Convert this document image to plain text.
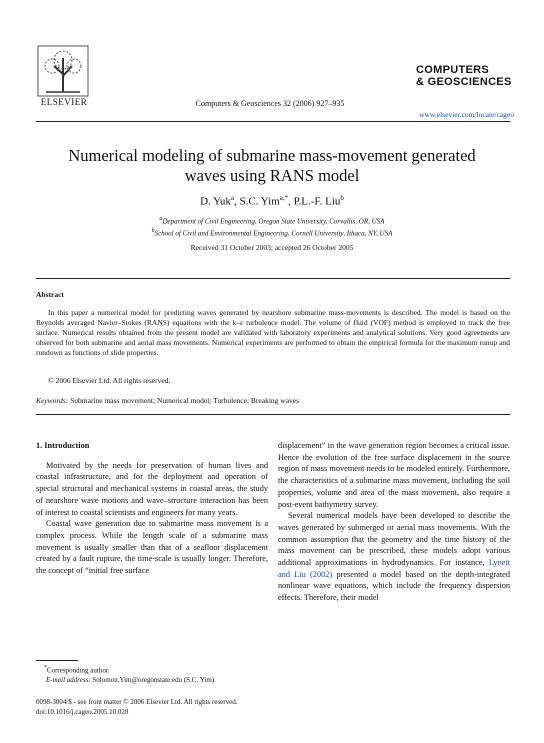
ELSEVIER	Computers & Geosciences 32 (2006) 927–935
COMPUTERS
& GEOSCIENCES
www.elsevier.com/locate/cageo
Numerical modeling of submarine mass-movement generated waves using RANS model
D. Yuk$^a$, S.C. Yim$^{a,*}$, P.L.-F. Liu$^b$
$^a$Department of Civil Engineering, Oregon State University, Corvallis, OR, USA
$^b$School of Civil and Environmental Engineering, Cornell University, Ithaca, NY, USA
Received 31 October 2003; accepted 26 October 2005
Abstract
In this paper a numerical model for predicting waves generated by nearshore submarine mass-movements is described. The model is based on the Reynolds averaged Navier–Stokes (RANS) equations with the k–ε turbulence model. The volume of fluid (VOF) method is employed to track the free surface. Numerical results obtained from the present model are validated with laboratory experiments and analytical solutions. Very good agreements are observed for both submarine and aerial mass movements. Numerical experiments are performed to obtain the empirical formula for the maximum runup and rundown as functions of slide properties.
© 2006 Elsevier Ltd. All rights reserved.
Keywords: Submarine mass movement; Numerical model; Turbulence; Breaking waves
1. Introduction

Motivated by the needs for preservation of human lives and coastal infrastructure, and for the deployment and operation of special structural and mechanical systems in coastal areas, the study of nearshore wave motions and wave–structure interaction has been of interest to coastal scientists and engineers for many years.

Coastal wave generation due to submarine mass movement is a complex process. While the length scale of a submarine mass movement is usually smaller than that of a seafloor displacement created by a fault rupture, the time-scale is usually longer. Therefore, the concept of “initial free surface

displacement” in the wave generation region becomes a critical issue. Hence the evolution of the free surface displacement in the source region of mass movement needs to be modeled entirely. Furthermore, the characteristics of a submarine mass movement, including the soil properties, volume and area of the mass movement, also require a post-event bathymetry survey.

Several numerical models have been developed to describe the waves generated by submerged or aerial mass movements. With the common assumption that the geometry and the time history of the mass movement can be prescribed, these models adopt various additional approximations in hydrodynamics. For instance, Lynett and Liu (2002) presented a model based on the depth-integrated nonlinear wave equations, which include the frequency dispersion effects. Therefore, their model

*Corresponding author.
E-mail address: Solomon.Yim@oregonstate.edu (S.C. Yim).
0098-3004/$ - see front matter © 2006 Elsevier Ltd. All rights reserved.
doi:10.1016/j.cageo.2005.10.028
